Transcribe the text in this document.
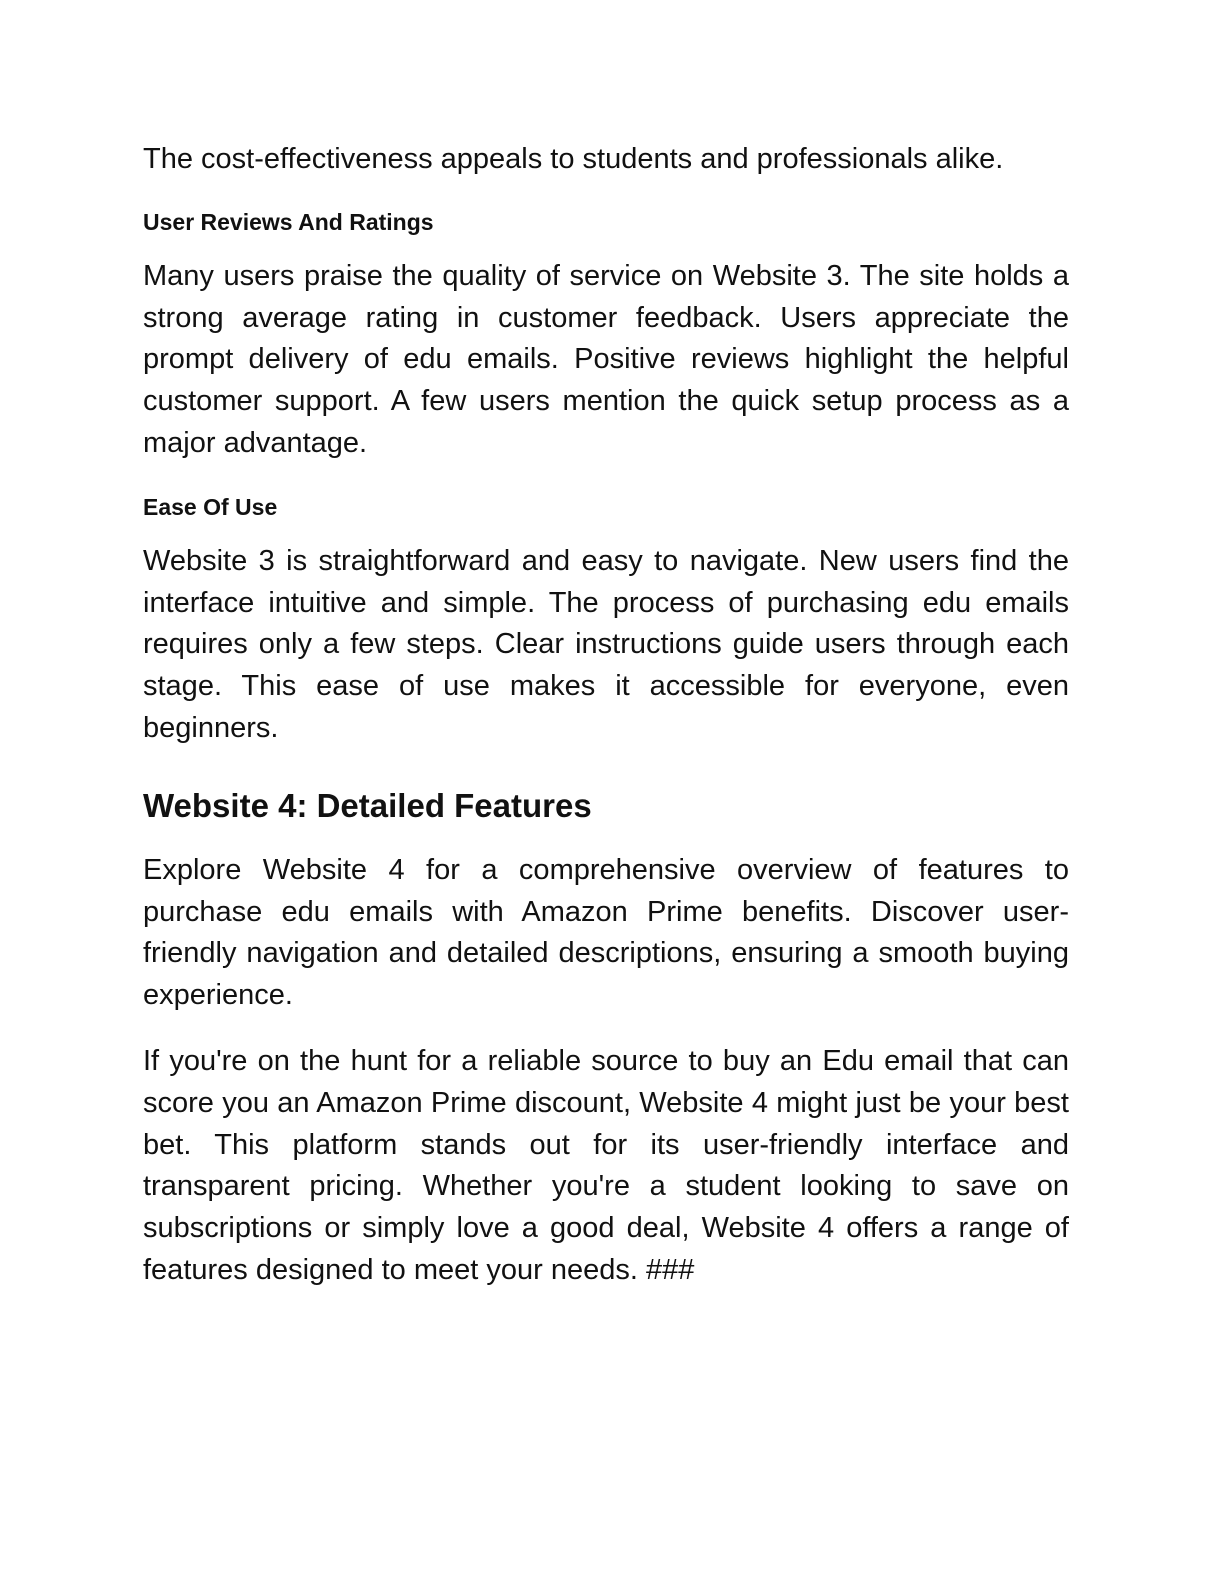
The cost-effectiveness appeals to students and professionals alike.

User Reviews And Ratings

Many users praise the quality of service on Website 3. The site holds a strong average rating in customer feedback. Users appreciate the prompt delivery of edu emails. Positive reviews highlight the helpful customer support. A few users mention the quick setup process as a major advantage.

Ease Of Use

Website 3 is straightforward and easy to navigate. New users find the interface intuitive and simple. The process of purchasing edu emails requires only a few steps. Clear instructions guide users through each stage. This ease of use makes it accessible for everyone, even beginners.

Website 4: Detailed Features

Explore Website 4 for a comprehensive overview of features to purchase edu emails with Amazon Prime benefits. Discover user-friendly navigation and detailed descriptions, ensuring a smooth buying experience.

If you're on the hunt for a reliable source to buy an Edu email that can score you an Amazon Prime discount, Website 4 might just be your best bet. This platform stands out for its user-friendly interface and transparent pricing. Whether you're a student looking to save on subscriptions or simply love a good deal, Website 4 offers a range of features designed to meet your needs. ###
